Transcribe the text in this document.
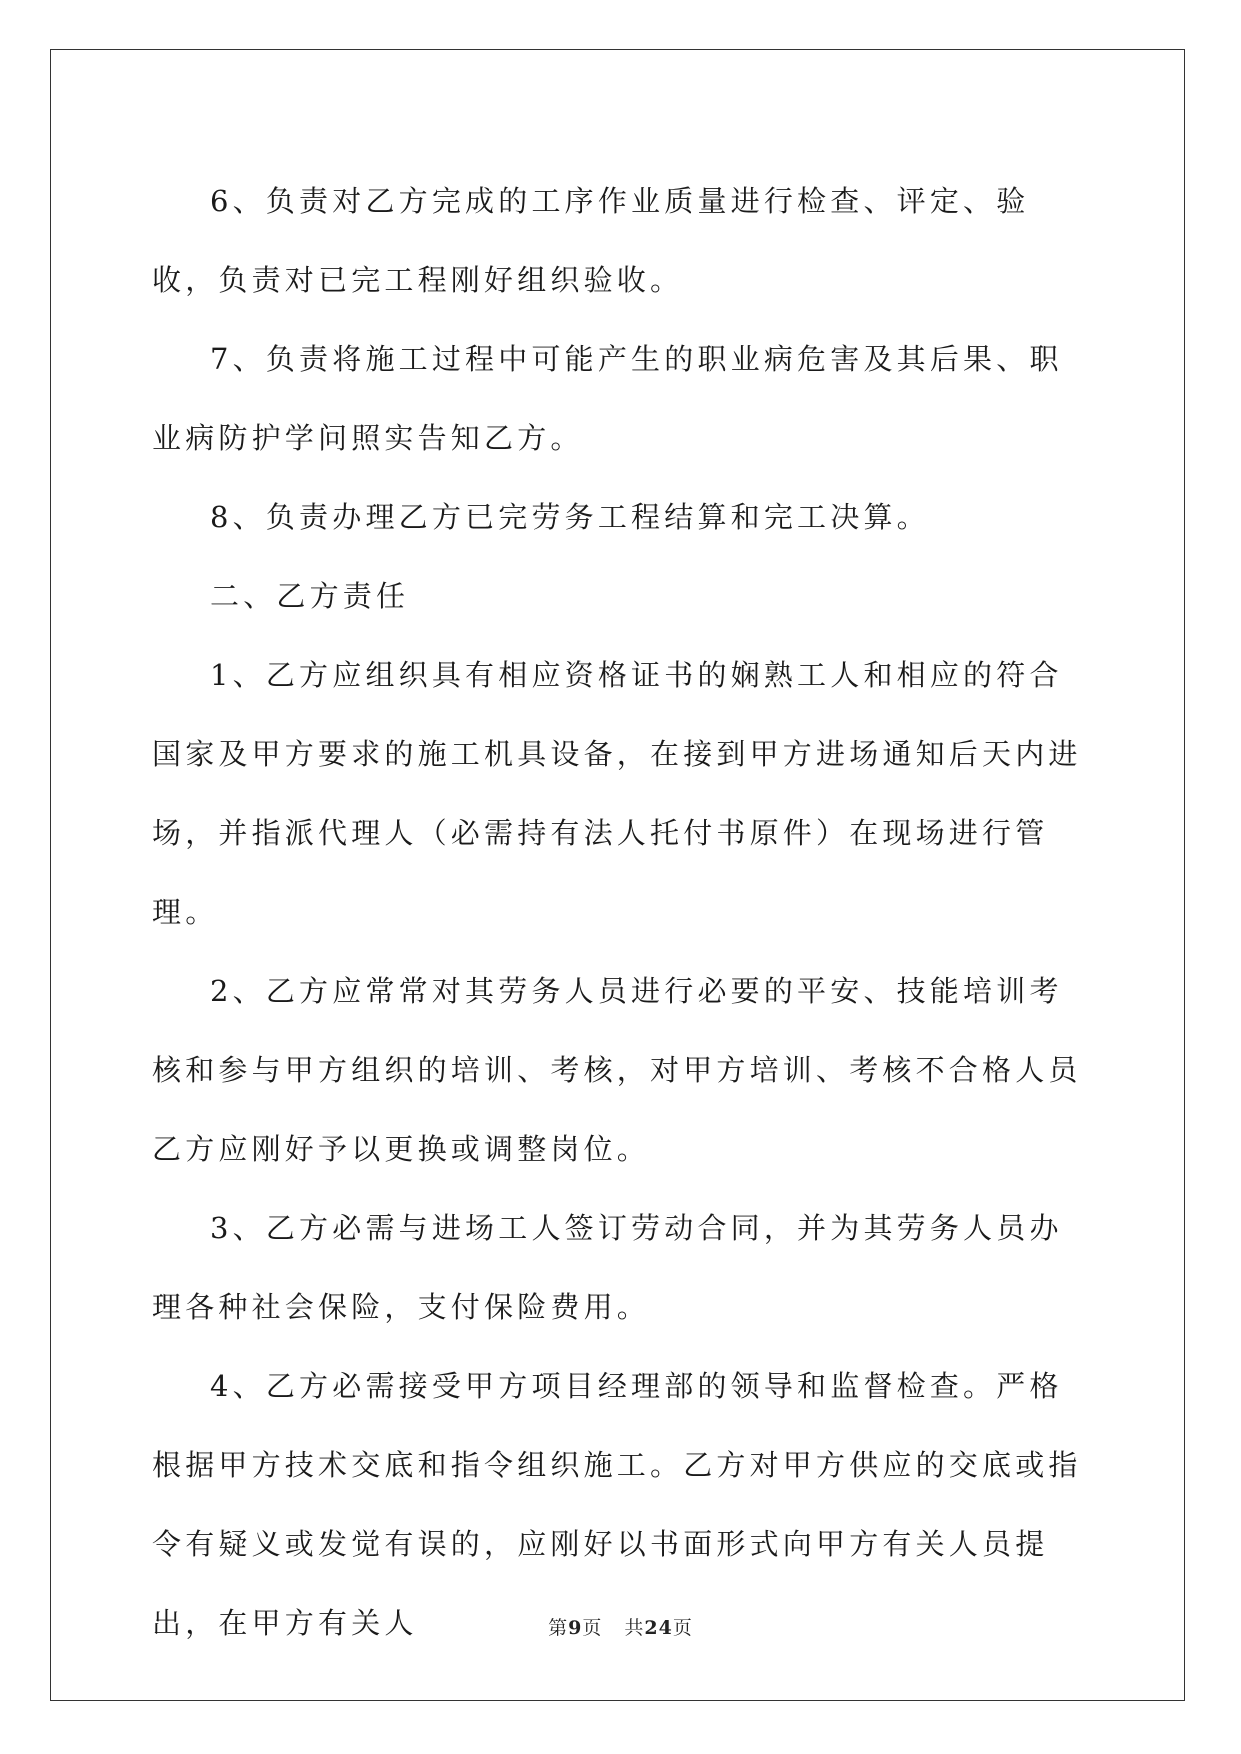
6、负责对乙方完成的工序作业质量进行检查、评定、验收，负责对已完工程刚好组织验收。

7、负责将施工过程中可能产生的职业病危害及其后果、职业病防护学问照实告知乙方。

8、负责办理乙方已完劳务工程结算和完工决算。

二、乙方责任

1、乙方应组织具有相应资格证书的娴熟工人和相应的符合国家及甲方要求的施工机具设备，在接到甲方进场通知后天内进场，并指派代理人（必需持有法人托付书原件）在现场进行管理。

2、乙方应常常对其劳务人员进行必要的平安、技能培训考核和参与甲方组织的培训、考核，对甲方培训、考核不合格人员乙方应刚好予以更换或调整岗位。

3、乙方必需与进场工人签订劳动合同，并为其劳务人员办理各种社会保险，支付保险费用。

4、乙方必需接受甲方项目经理部的领导和监督检查。严格根据甲方技术交底和指令组织施工。乙方对甲方供应的交底或指令有疑义或发觉有误的，应刚好以书面形式向甲方有关人员提出，在甲方有关人	第9页 共24页
